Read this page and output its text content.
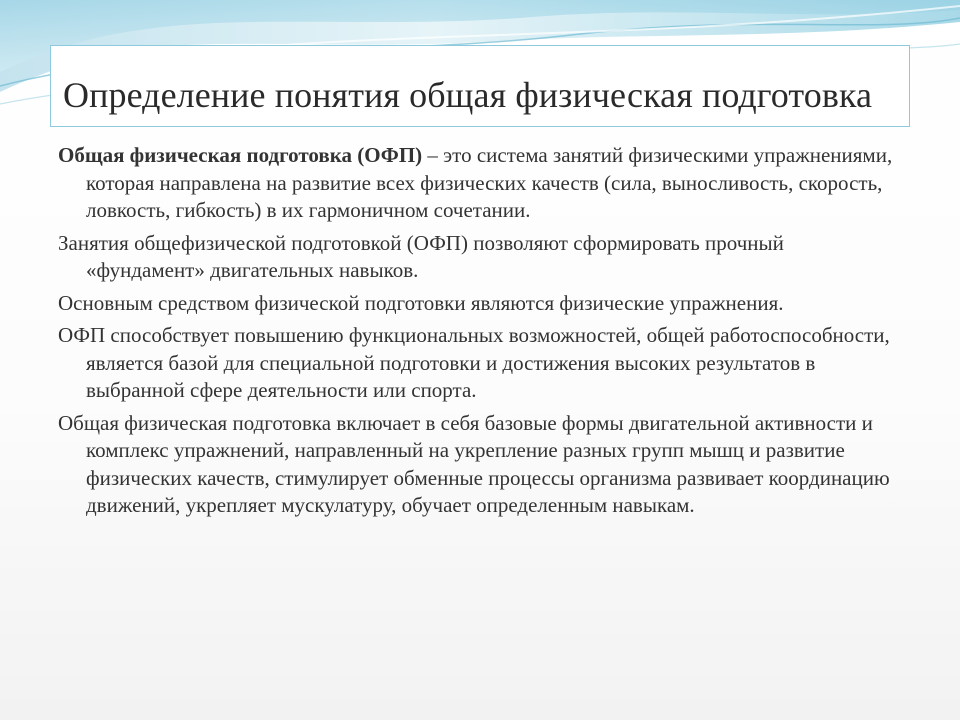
Определение понятия общая физическая подготовка

Общая физическая подготовка (ОФП) – это система занятий физическими упражнениями, которая направлена на развитие всех физических качеств (сила, выносливость, скорость, ловкость, гибкость) в их гармоничном сочетании.

Занятия общефизической подготовкой (ОФП) позволяют сформировать прочный «фундамент» двигательных навыков.

Основным средством физической подготовки являются физические упражнения.

ОФП способствует повышению функциональных возможностей, общей работоспособности, является базой для специальной подготовки и достижения высоких результатов в выбранной сфере деятельности или спорта.

Общая физическая подготовка включает в себя базовые формы двигательной активности и комплекс упражнений, направленный на укрепление разных групп мышц и развитие физических качеств, стимулирует обменные процессы организма развивает координацию движений, укрепляет мускулатуру, обучает определенным навыкам.
